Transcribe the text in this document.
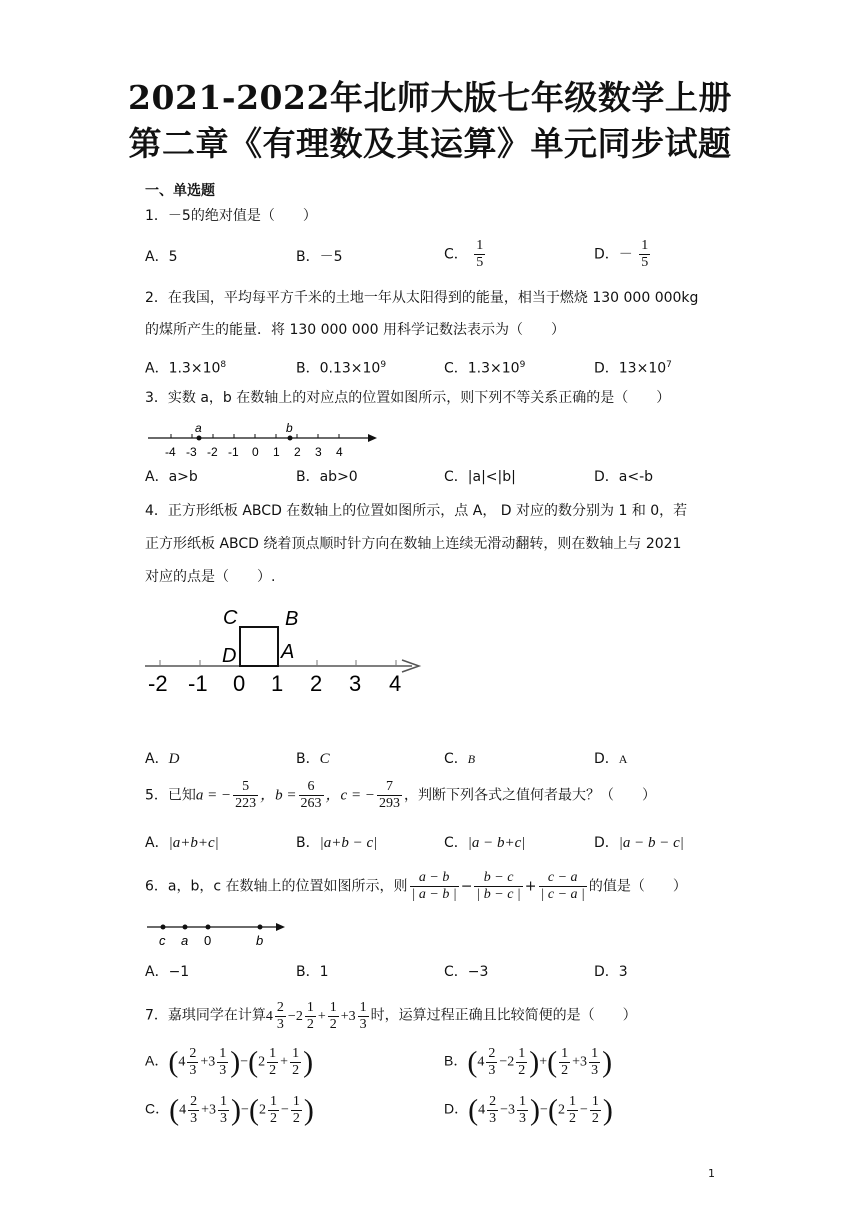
2021-2022年北师大版七年级数学上册
第二章《有理数及其运算》单元同步试题
一、单选题
1．－5的绝对值是（　　）
A．5	B．－5	C． $\frac{1}{5}$	D．－ $\frac{1}{5}$
2．在我国，平均每平方千米的土地一年从太阳得到的能量，相当于燃烧 130 000 000kg
的煤所产生的能量．将 130 000 000 用科学记数法表示为（　　）
A．$1.3\times 10^8$	B．$0.13\times 10^9$	C．$1.3\times 10^9$	D．$13\times 10^7$
3．实数 a，b 在数轴上的对应点的位置如图所示，则下列不等关系正确的是（　　）
a	b
-4 -3 -2 -1 0 1 2 3 4
A．a>b	B．ab>0	C．|a|<|b|	D．a<-b
4．正方形纸板 ABCD 在数轴上的位置如图所示，点 A， D 对应的数分别为 1 和 0，若
正方形纸板 ABCD 绕着顶点顺时针方向在数轴上连续无滑动翻转，则在数轴上与 2021
对应的点是（　　）.
C B
D A
-2 -1 0 1 2 3 4
A．D	B．C	C．B	D．A
5．已知a = − $\frac{5}{223}$ ，$b = \frac{6}{263}$ ，c = − $\frac{7}{293}$ ，判断下列各式之值何者最大？（　　）
A．|a+b+c|	B．|a+b − c|	C．|a − b+c|	D．|a − b − c|
6．a，b，c 在数轴上的位置如图所示，则 $\frac{a - b}{| a - b |} - \frac{b - c}{| b - c |} + \frac{c - a}{| c - a |}$ 的值是（　　）
c a 0	b
A．−1	B．1	C．−3	D．3
7．嘉琪同学在计算$4 \frac{2}{3} -2 \frac{1}{2} + \frac{1}{2} +3 \frac{1}{3}$ 时，运算过程正确且比较简便的是（　　）
A．$(4 \frac{2}{3} +3 \frac{1}{3} )-(2 \frac{1}{2} + \frac{1}{2}$ )	B．($4 \frac{2}{3} -2 \frac{1}{2}$ )+( $\frac{1}{2} +3 \frac{1}{3}$ )
C．$(4 \frac{2}{3} +3 \frac{1}{3} )-(2 \frac{1}{2} - \frac{1}{2}$ )	D．$(4 \frac{2}{3} -3 \frac{1}{3} )-(2 \frac{1}{2} - \frac{1}{2}$ )
1
